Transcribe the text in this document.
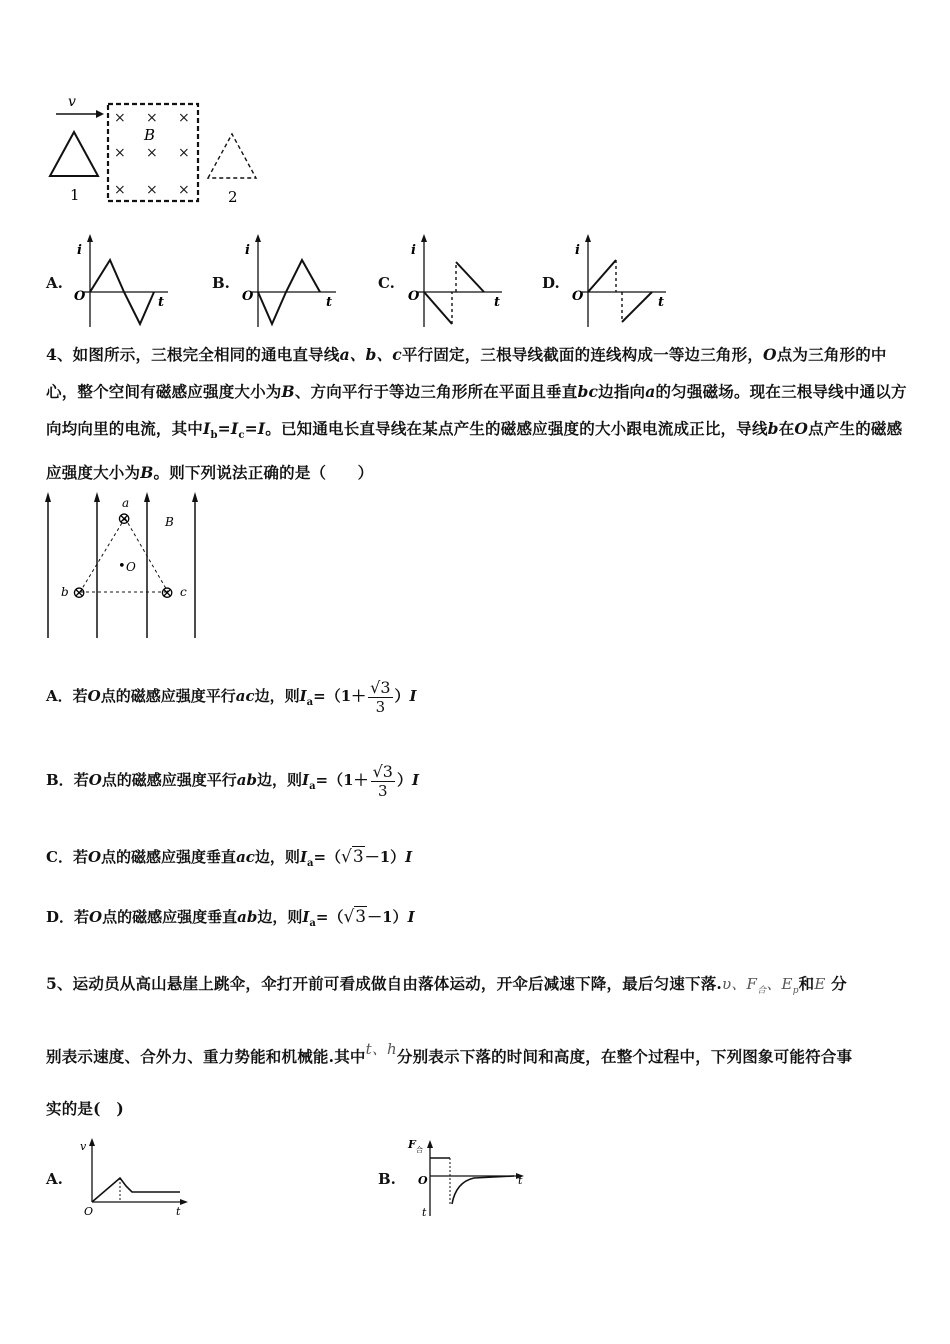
v
1
× × ×
× × ×
× × ×
B
2
A.
i
t
O
B.
i
t
O
C.
i
t
O
D.
i
t
O
4、如图所示，三根完全相同的通电直导线a、b、c平行固定，三根导线截面的连线构成一等边三角形，O点为三角形的中心，整个空间有磁感应强度大小为B、方向平行于等边三角形所在平面且垂直bc边指向a的匀强磁场。现在三根导线中通以方向均向里的电流，其中$I_b=I_c=I$。已知通电长直导线在某点产生的磁感应强度的大小跟电流成正比，导线b在O点产生的磁感应强度大小为B。则下列说法正确的是（　　）
⊗
⊗	⊗
a
b	c
• O
B
A．若O点的磁感应强度平行ac边，则$I_a=(1+ \frac{√3}{3} )I$
B．若O点的磁感应强度平行ab边，则$I_a=(1+ \frac{√3}{3} )I$
C．若O点的磁感应强度垂直ac边，则$I_a=(√3-1)I$
D．若O点的磁感应强度垂直ab边，则$I_a=(√3-1)I$
5、运动员从高山悬崖上跳伞，伞打开前可看成做自由落体运动，开伞后减速下降，最后匀速下落.υ、$F_合$、$E_p$和E 分
别表示速度、合外力、重力势能和机械能.其中t、h分别表示下落的时间和高度，在整个过程中，下列图象可能符合事
实的是(　)
A.
v
t
O
B.
F 合
O	t
t
